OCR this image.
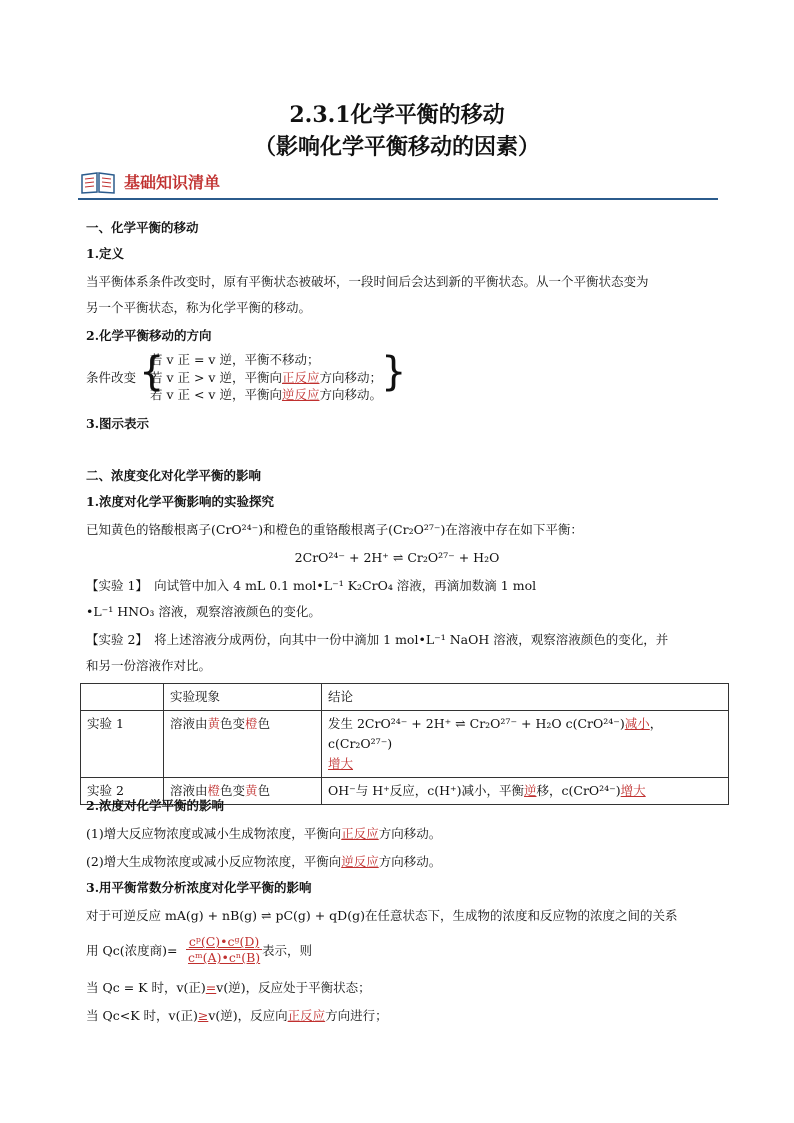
2.3.1化学平衡的移动
（影响化学平衡移动的因素）
基础知识清单
一、化学平衡的移动
1.定义
当平衡体系条件改变时，原有平衡状态被破坏，一段时间后会达到新的平衡状态。从一个平衡状态变为
另一个平衡状态，称为化学平衡的移动。
2.化学平衡移动的方向
条件改变 {
若 v 正 = v 逆，平衡不移动；
若 v 正 > v 逆，平衡向正反应方向移动；
若 v 正 < v 逆，平衡向逆反应方向移动。 }
3.图示表示
二、浓度变化对化学平衡的影响
1.浓度对化学平衡影响的实验探究
已知黄色的铬酸根离子(CrO²⁴⁻)和橙色的重铬酸根离子(Cr₂O²⁷⁻)在溶液中存在如下平衡：
2CrO²⁴⁻ + 2H⁺ ⇌ Cr₂O²⁷⁻ + H₂O
【实验 1】　向试管中加入 4 mL 0.1 mol•L⁻¹ K₂CrO₄ 溶液，再滴加数滴 1 mol
•L⁻¹ HNO₃ 溶液，观察溶液颜色的变化。
【实验 2】　将上述溶液分成两份，向其中一份中滴加 1 mol•L⁻¹ NaOH 溶液，观察溶液颜色的变化，并
和另一份溶液作对比。
	实验现象	结论
实验 1	溶液由黄色变橙色	发生 2CrO²⁴⁻ + 2H⁺ ⇌ Cr₂O²⁷⁻ + H₂O c(CrO²⁴⁻)减小，c(Cr₂O²⁷⁻)
增大
实验 2	溶液由橙色变黄色	OH⁻与 H⁺反应，c(H⁺)减小，平衡逆移，c(CrO²⁴⁻)增大
2.浓度对化学平衡的影响
(1)增大反应物浓度或减小生成物浓度，平衡向正反应方向移动。
(2)增大生成物浓度或减小反应物浓度，平衡向逆反应方向移动。
3.用平衡常数分析浓度对化学平衡的影响
对于可逆反应 mA(g) + nB(g) ⇌ pC(g) + qD(g)在任意状态下，生成物的浓度和反应物的浓度之间的关系
用 Qc(浓度商)= $\frac{\text{cᵖ(C)•cᵍ(D)}}{\text{cᵐ(A)•cⁿ(B)}}$ 表示，则
当 Qc = K 时，v(正)=v(逆)，反应处于平衡状态；
当 Qc<K 时，v(正)≥v(逆)，反应向正反应方向进行；
